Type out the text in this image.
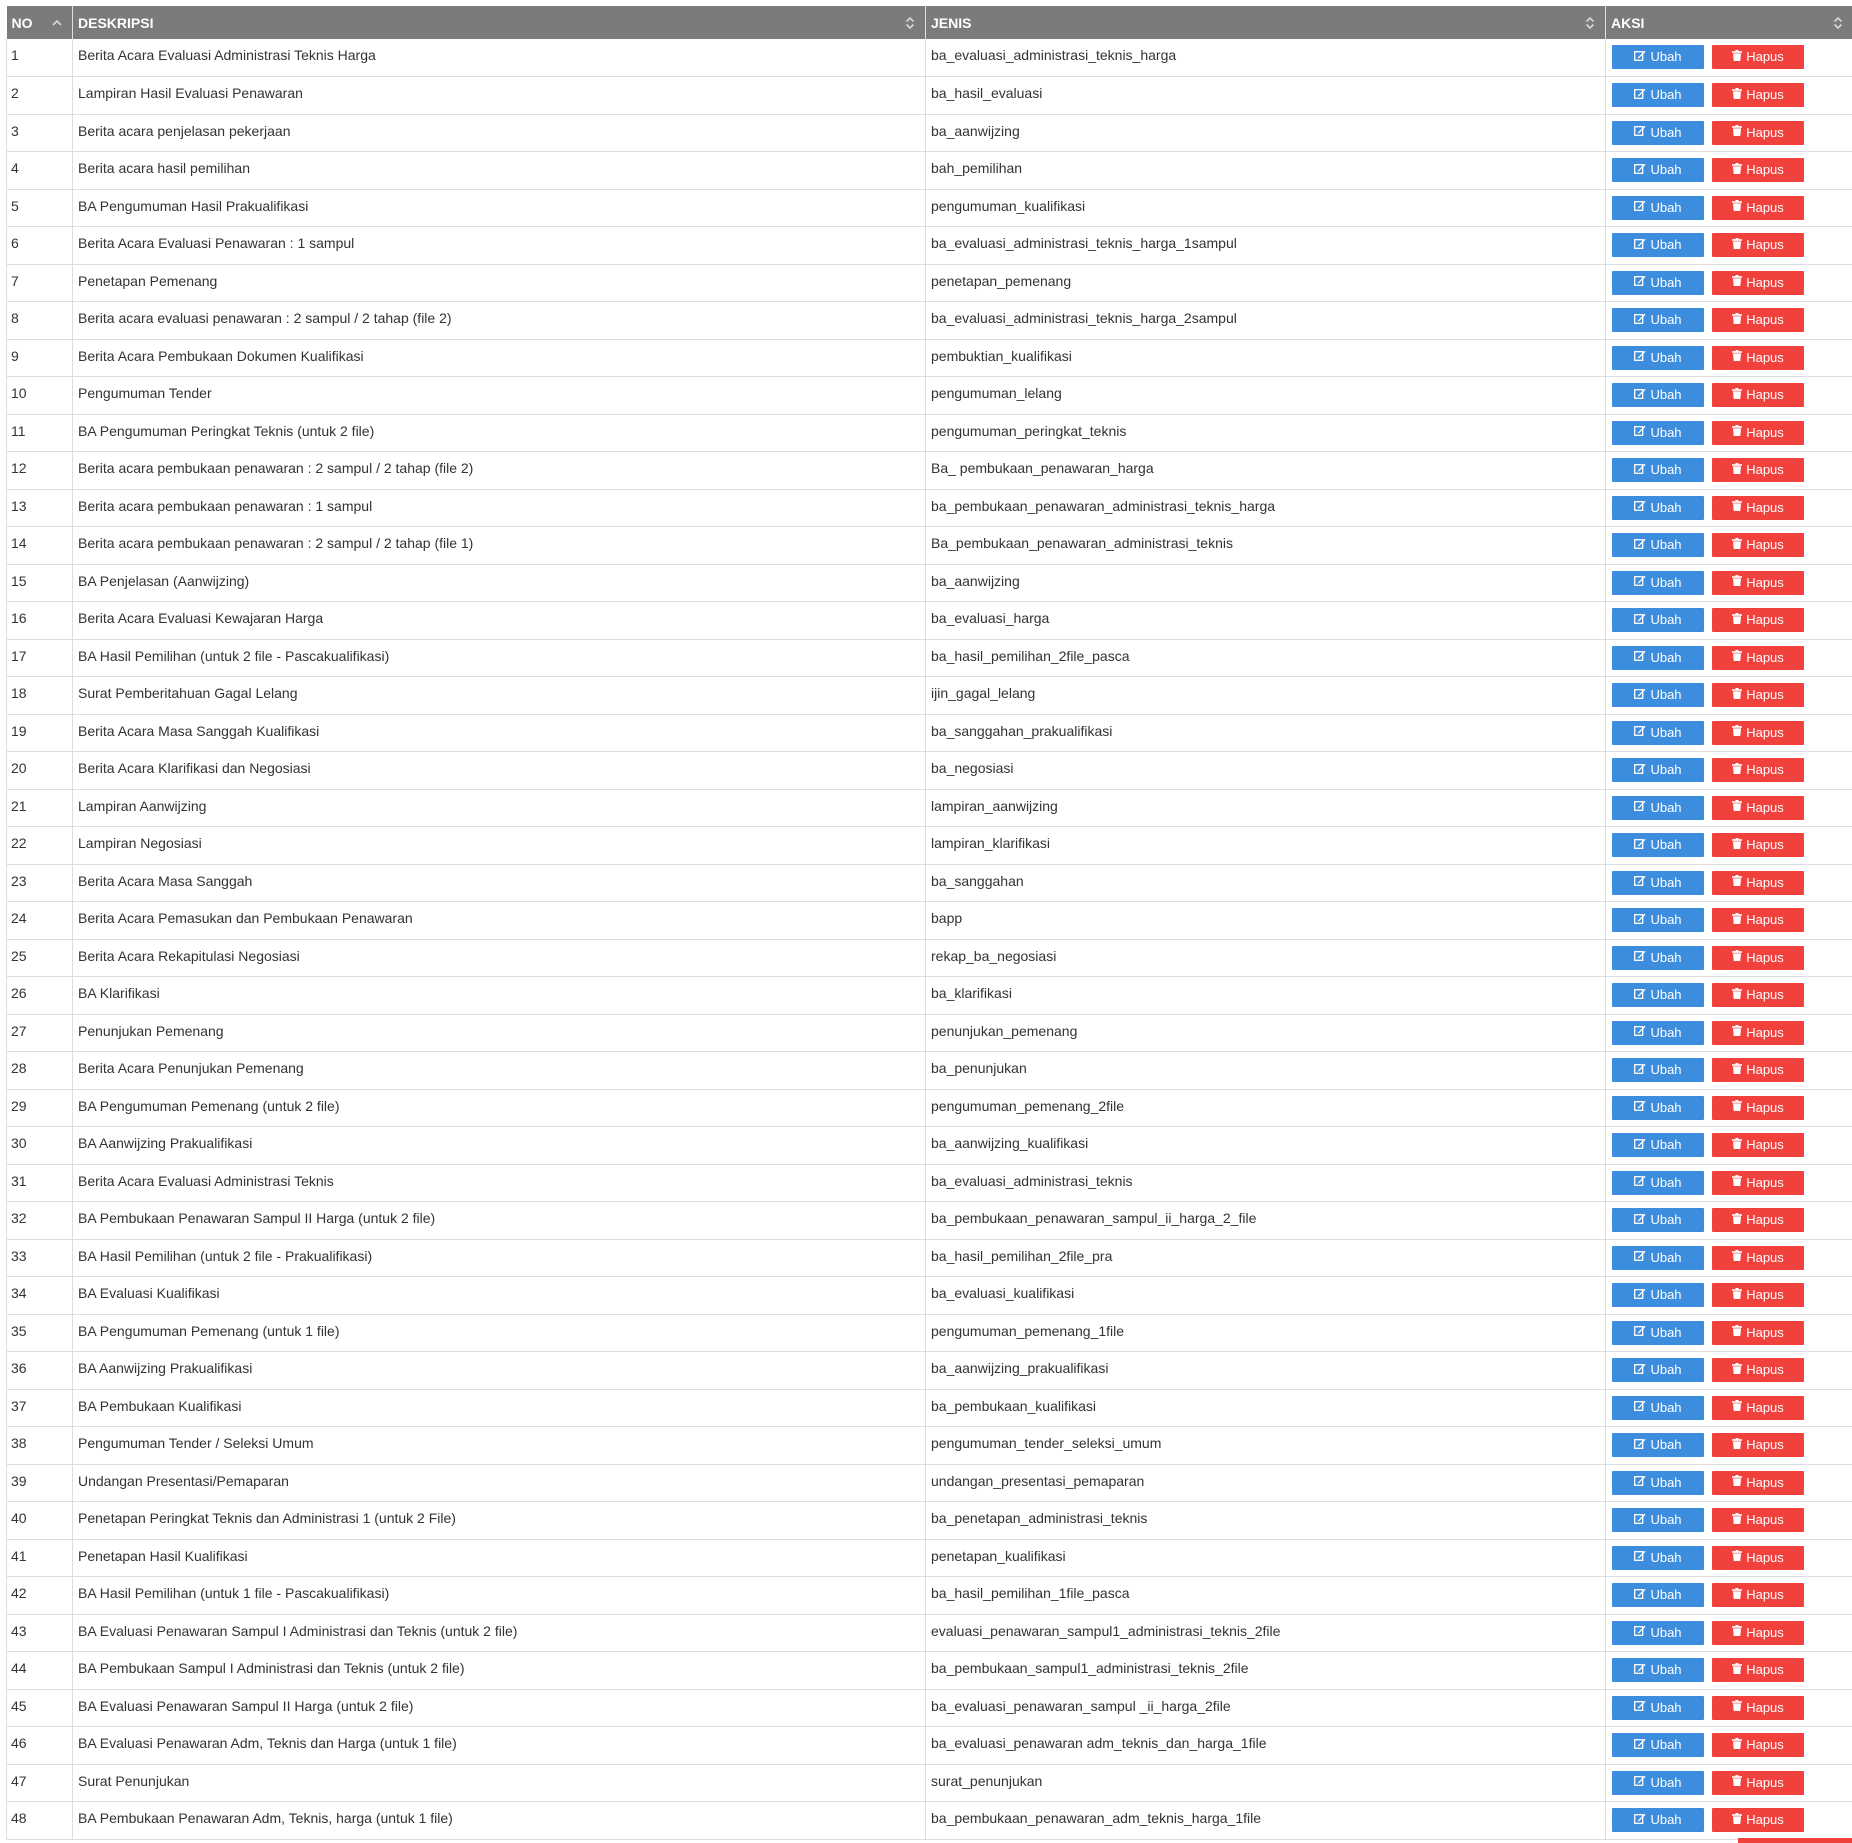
NO	DESKRIPSI	JENIS	AKSI

1	Berita Acara Evaluasi Administrasi Teknis Harga	ba_evaluasi_administrasi_teknis_harga	Ubah Hapus
2	Lampiran Hasil Evaluasi Penawaran	ba_hasil_evaluasi	Ubah Hapus
3	Berita acara penjelasan pekerjaan	ba_aanwijzing	Ubah Hapus
4	Berita acara hasil pemilihan	bah_pemilihan	Ubah Hapus
5	BA Pengumuman Hasil Prakualifikasi	pengumuman_kualifikasi	Ubah Hapus
6	Berita Acara Evaluasi Penawaran : 1 sampul	ba_evaluasi_administrasi_teknis_harga_1sampul	Ubah Hapus
7	Penetapan Pemenang	penetapan_pemenang	Ubah Hapus
8	Berita acara evaluasi penawaran : 2 sampul / 2 tahap (file 2)	ba_evaluasi_administrasi_teknis_harga_2sampul	Ubah Hapus
9	Berita Acara Pembukaan Dokumen Kualifikasi	pembuktian_kualifikasi	Ubah Hapus
10	Pengumuman Tender	pengumuman_lelang	Ubah Hapus
11	BA Pengumuman Peringkat Teknis (untuk 2 file)	pengumuman_peringkat_teknis	Ubah Hapus
12	Berita acara pembukaan penawaran : 2 sampul / 2 tahap (file 2)	Ba_ pembukaan_penawaran_harga	Ubah Hapus
13	Berita acara pembukaan penawaran : 1 sampul	ba_pembukaan_penawaran_administrasi_teknis_harga	Ubah Hapus
14	Berita acara pembukaan penawaran : 2 sampul / 2 tahap (file 1)	Ba_pembukaan_penawaran_administrasi_teknis	Ubah Hapus
15	BA Penjelasan (Aanwijzing)	ba_aanwijzing	Ubah Hapus
16	Berita Acara Evaluasi Kewajaran Harga	ba_evaluasi_harga	Ubah Hapus
17	BA Hasil Pemilihan (untuk 2 file - Pascakualifikasi)	ba_hasil_pemilihan_2file_pasca	Ubah Hapus
18	Surat Pemberitahuan Gagal Lelang	ijin_gagal_lelang	Ubah Hapus
19	Berita Acara Masa Sanggah Kualifikasi	ba_sanggahan_prakualifikasi	Ubah Hapus
20	Berita Acara Klarifikasi dan Negosiasi	ba_negosiasi	Ubah Hapus
21	Lampiran Aanwijzing	lampiran_aanwijzing	Ubah Hapus
22	Lampiran Negosiasi	lampiran_klarifikasi	Ubah Hapus
23	Berita Acara Masa Sanggah	ba_sanggahan	Ubah Hapus
24	Berita Acara Pemasukan dan Pembukaan Penawaran	bapp	Ubah Hapus
25	Berita Acara Rekapitulasi Negosiasi	rekap_ba_negosiasi	Ubah Hapus
26	BA Klarifikasi	ba_klarifikasi	Ubah Hapus
27	Penunjukan Pemenang	penunjukan_pemenang	Ubah Hapus
28	Berita Acara Penunjukan Pemenang	ba_penunjukan	Ubah Hapus
29	BA Pengumuman Pemenang (untuk 2 file)	pengumuman_pemenang_2file	Ubah Hapus
30	BA Aanwijzing Prakualifikasi	ba_aanwijzing_kualifikasi	Ubah Hapus
31	Berita Acara Evaluasi Administrasi Teknis	ba_evaluasi_administrasi_teknis	Ubah Hapus
32	BA Pembukaan Penawaran Sampul II Harga (untuk 2 file)	ba_pembukaan_penawaran_sampul_ii_harga_2_file	Ubah Hapus
33	BA Hasil Pemilihan (untuk 2 file - Prakualifikasi)	ba_hasil_pemilihan_2file_pra	Ubah Hapus
34	BA Evaluasi Kualifikasi	ba_evaluasi_kualifikasi	Ubah Hapus
35	BA Pengumuman Pemenang (untuk 1 file)	pengumuman_pemenang_1file	Ubah Hapus
36	BA Aanwijzing Prakualifikasi	ba_aanwijzing_prakualifikasi	Ubah Hapus
37	BA Pembukaan Kualifikasi	ba_pembukaan_kualifikasi	Ubah Hapus
38	Pengumuman Tender / Seleksi Umum	pengumuman_tender_seleksi_umum	Ubah Hapus
39	Undangan Presentasi/Pemaparan	undangan_presentasi_pemaparan	Ubah Hapus
40	Penetapan Peringkat Teknis dan Administrasi 1 (untuk 2 File)	ba_penetapan_administrasi_teknis	Ubah Hapus
41	Penetapan Hasil Kualifikasi	penetapan_kualifikasi	Ubah Hapus
42	BA Hasil Pemilihan (untuk 1 file - Pascakualifikasi)	ba_hasil_pemilihan_1file_pasca	Ubah Hapus
43	BA Evaluasi Penawaran Sampul I Administrasi dan Teknis (untuk 2 file)	evaluasi_penawaran_sampul1_administrasi_teknis_2file	Ubah Hapus
44	BA Pembukaan Sampul I Administrasi dan Teknis (untuk 2 file)	ba_pembukaan_sampul1_administrasi_teknis_2file	Ubah Hapus
45	BA Evaluasi Penawaran Sampul II Harga (untuk 2 file)	ba_evaluasi_penawaran_sampul _ii_harga_2file	Ubah Hapus
46	BA Evaluasi Penawaran Adm, Teknis dan Harga (untuk 1 file)	ba_evaluasi_penawaran adm_teknis_dan_harga_1file	Ubah Hapus
47	Surat Penunjukan	surat_penunjukan	Ubah Hapus
48	BA Pembukaan Penawaran Adm, Teknis, harga (untuk 1 file)	ba_pembukaan_penawaran_adm_teknis_harga_1file	Ubah Hapus
